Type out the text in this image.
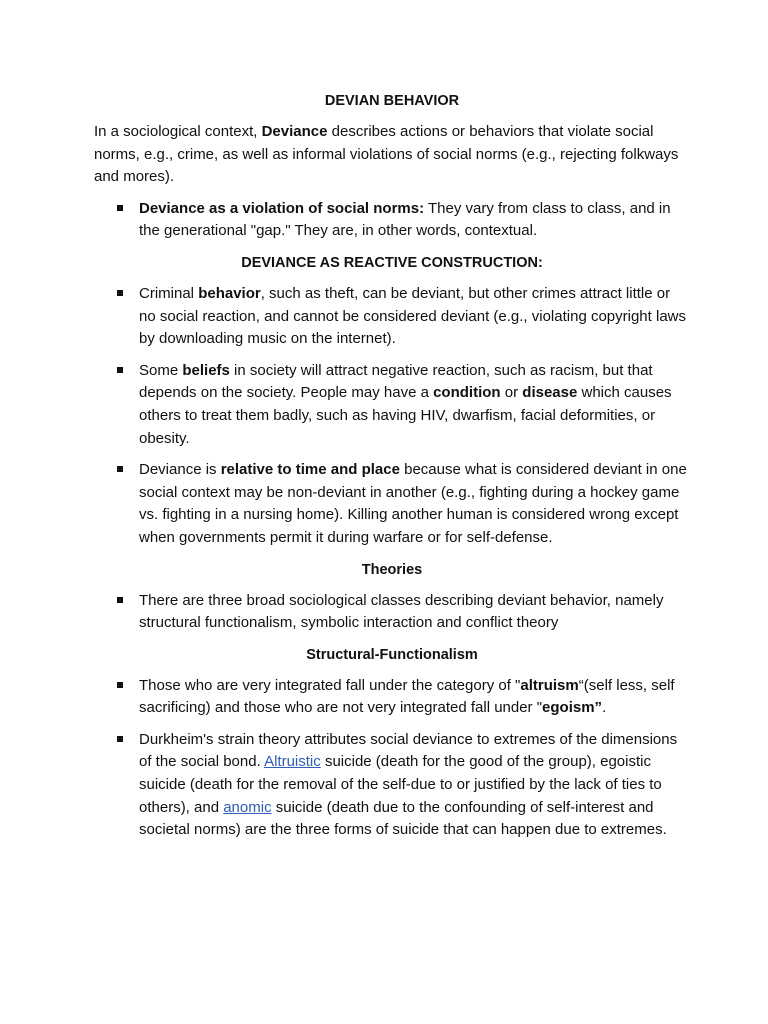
DEVIAN BEHAVIOR
In a sociological context, Deviance describes actions or behaviors that violate social norms, e.g., crime, as well as informal violations of social norms (e.g., rejecting folkways and mores).
Deviance as a violation of social norms: They vary from class to class, and in the generational "gap." They are, in other words, contextual.
DEVIANCE AS REACTIVE CONSTRUCTION:
Criminal behavior, such as theft, can be deviant, but other crimes attract little or no social reaction, and cannot be considered deviant (e.g., violating copyright laws by downloading music on the internet).
Some beliefs in society will attract negative reaction, such as racism, but that depends on the society. People may have a condition or disease which causes others to treat them badly, such as having HIV, dwarfism, facial deformities, or obesity.
Deviance is relative to time and place because what is considered deviant in one social context may be non-deviant in another (e.g., fighting during a hockey game vs. fighting in a nursing home). Killing another human is considered wrong except when governments permit it during warfare or for self-defense.
Theories
There are three broad sociological classes describing deviant behavior, namely structural functionalism, symbolic interaction and conflict theory
Structural-Functionalism
Those who are very integrated fall under the category of "altruism“(self less, self sacrificing) and those who are not very integrated fall under "egoism”.
Durkheim's strain theory attributes social deviance to extremes of the dimensions of the social bond. Altruistic suicide (death for the good of the group), egoistic suicide (death for the removal of the self-due to or justified by the lack of ties to others), and anomic suicide (death due to the confounding of self-interest and societal norms) are the three forms of suicide that can happen due to extremes.
